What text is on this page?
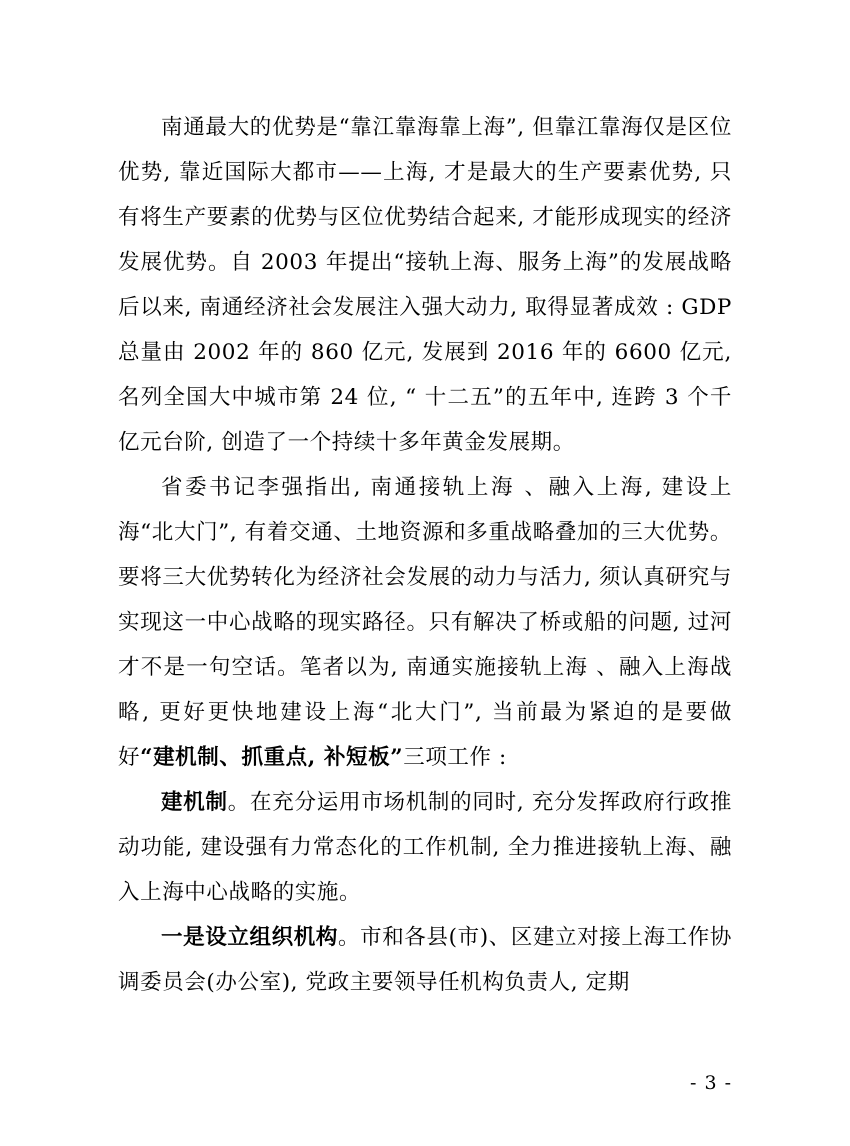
南通最大的优势是“靠江靠海靠上海”, 但靠江靠海仅是区位优势, 靠近国际大都市——上海, 才是最大的生产要素优势, 只有将生产要素的优势与区位优势结合起来, 才能形成现实的经济发展优势。自 2003 年提出“接轨上海、服务上海”的发展战略后以来, 南通经济社会发展注入强大动力, 取得显著成效 : GDP 总量由 2002 年的 860 亿元, 发展到 2016 年的 6600 亿元, 名列全国大中城市第 24 位, “ 十二五”的五年中, 连跨 3 个千亿元台阶, 创造了一个持续十多年黄金发展期。

省委书记李强指出, 南通接轨上海 、融入上海, 建设上海“北大门”, 有着交通、土地资源和多重战略叠加的三大优势。要将三大优势转化为经济社会发展的动力与活力, 须认真研究与实现这一中心战略的现实路径。只有解决了桥或船的问题, 过河才不是一句空话。笔者以为, 南通实施接轨上海 、融入上海战略, 更好更快地建设上海“北大门”, 当前最为紧迫的是要做好“建机制、抓重点, 补短板”三项工作 :

建机制。在充分运用市场机制的同时, 充分发挥政府行政推动功能, 建设强有力常态化的工作机制, 全力推进接轨上海、融入上海中心战略的实施。

一是设立组织机构。市和各县(市)、区建立对接上海工作协调委员会(办公室), 党政主要领导任机构负责人, 定期

- 3 -
